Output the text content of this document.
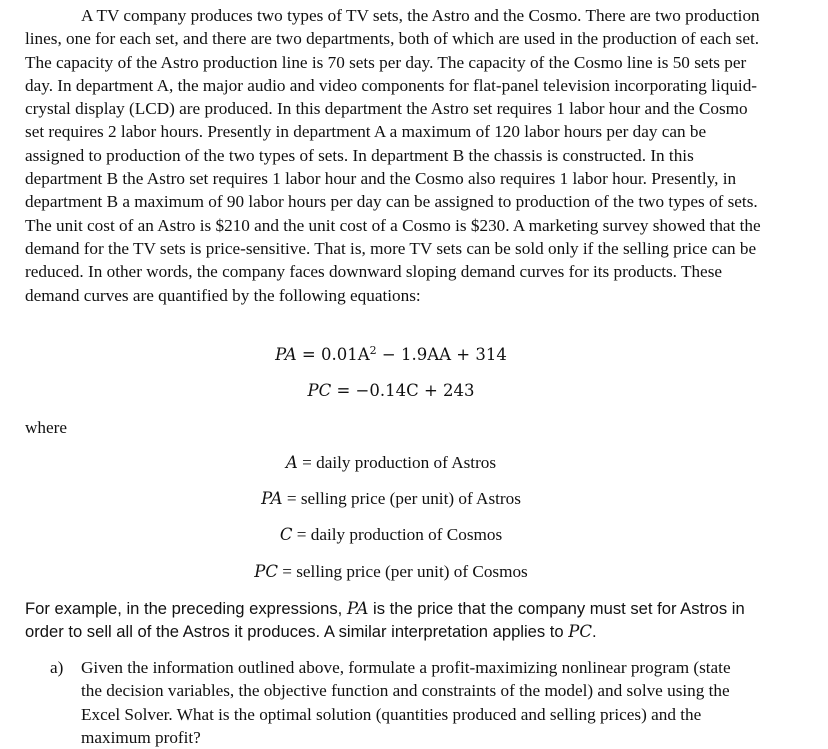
A TV company produces two types of TV sets, the Astro and the Cosmo. There are two production lines, one for each set, and there are two departments, both of which are used in the production of each set. The capacity of the Astro production line is 70 sets per day. The capacity of the Cosmo line is 50 sets per day. In department A, the major audio and video components for flat-panel television incorporating liquid-crystal display (LCD) are produced. In this department the Astro set requires 1 labor hour and the Cosmo set requires 2 labor hours. Presently in department A a maximum of 120 labor hours per day can be assigned to production of the two types of sets. In department B the chassis is constructed. In this department B the Astro set requires 1 labor hour and the Cosmo also requires 1 labor hour. Presently, in department B a maximum of 90 labor hours per day can be assigned to production of the two types of sets. The unit cost of an Astro is $210 and the unit cost of a Cosmo is $230. A marketing survey showed that the demand for the TV sets is price-sensitive. That is, more TV sets can be sold only if the selling price can be reduced. In other words, the company faces downward sloping demand curves for its products. These demand curves are quantified by the following equations:

PA = $0.01A^2 - 1.9AA + 314$
PC = −0.14C + 243
where
A = daily production of Astros
PA = selling price (per unit) of Astros
C = daily production of Cosmos
PC = selling price (per unit) of Cosmos

For example, in the preceding expressions, PA is the price that the company must set for Astros in order to sell all of the Astros it produces. A similar interpretation applies to PC.

a) Given the information outlined above, formulate a profit-maximizing nonlinear program (state the decision variables, the objective function and constraints of the model) and solve using the Excel Solver. What is the optimal solution (quantities produced and selling prices) and the maximum profit?
